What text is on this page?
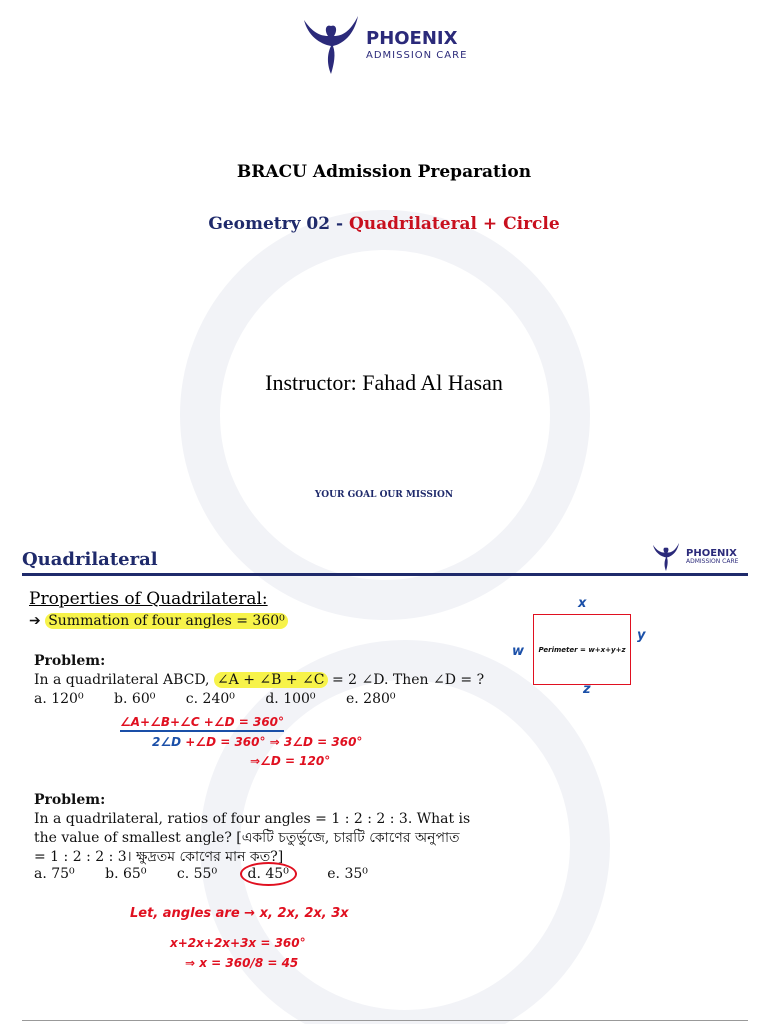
PHOENIX
ADMISSION CARE
BRACU Admission Preparation
Geometry 02 - Quadrilateral + Circle
Instructor: Fahad Al Hasan
YOUR GOAL OUR MISSION
Quadrilateral	PHOENIX
ADMISSION CARE
Properties of Quadrilateral:
➔ Summation of four angles = 360⁰
Problem:
In a quadrilateral ABCD, ∠A + ∠B + ∠C = 2 ∠D. Then ∠D = ?
a. 120⁰ b. 60⁰ c. 240⁰ d. 100⁰ e. 280⁰
∠A+∠B+∠C +∠D = 360°
2∠D +∠D = 360° ⇒ 3∠D = 360°
⇒∠D = 120°
Problem:
In a quadrilateral, ratios of four angles = 1 : 2 : 2 : 3. What is the value of smallest angle? [একটি চতুর্ভুজে, চারটি কোণের অনুপাত = 1 : 2 : 2 : 3। ক্ষুদ্রতম কোণের মান কত?]
a. 75⁰ b. 65⁰ c. 55⁰ d. 45⁰	e. 35⁰
Let, angles are → x, 2x, 2x, 3x
x+2x+2x+3x = 360°
⇒ x = 360/8 = 45
x
y
z
w Perimeter = w+x+y+z
